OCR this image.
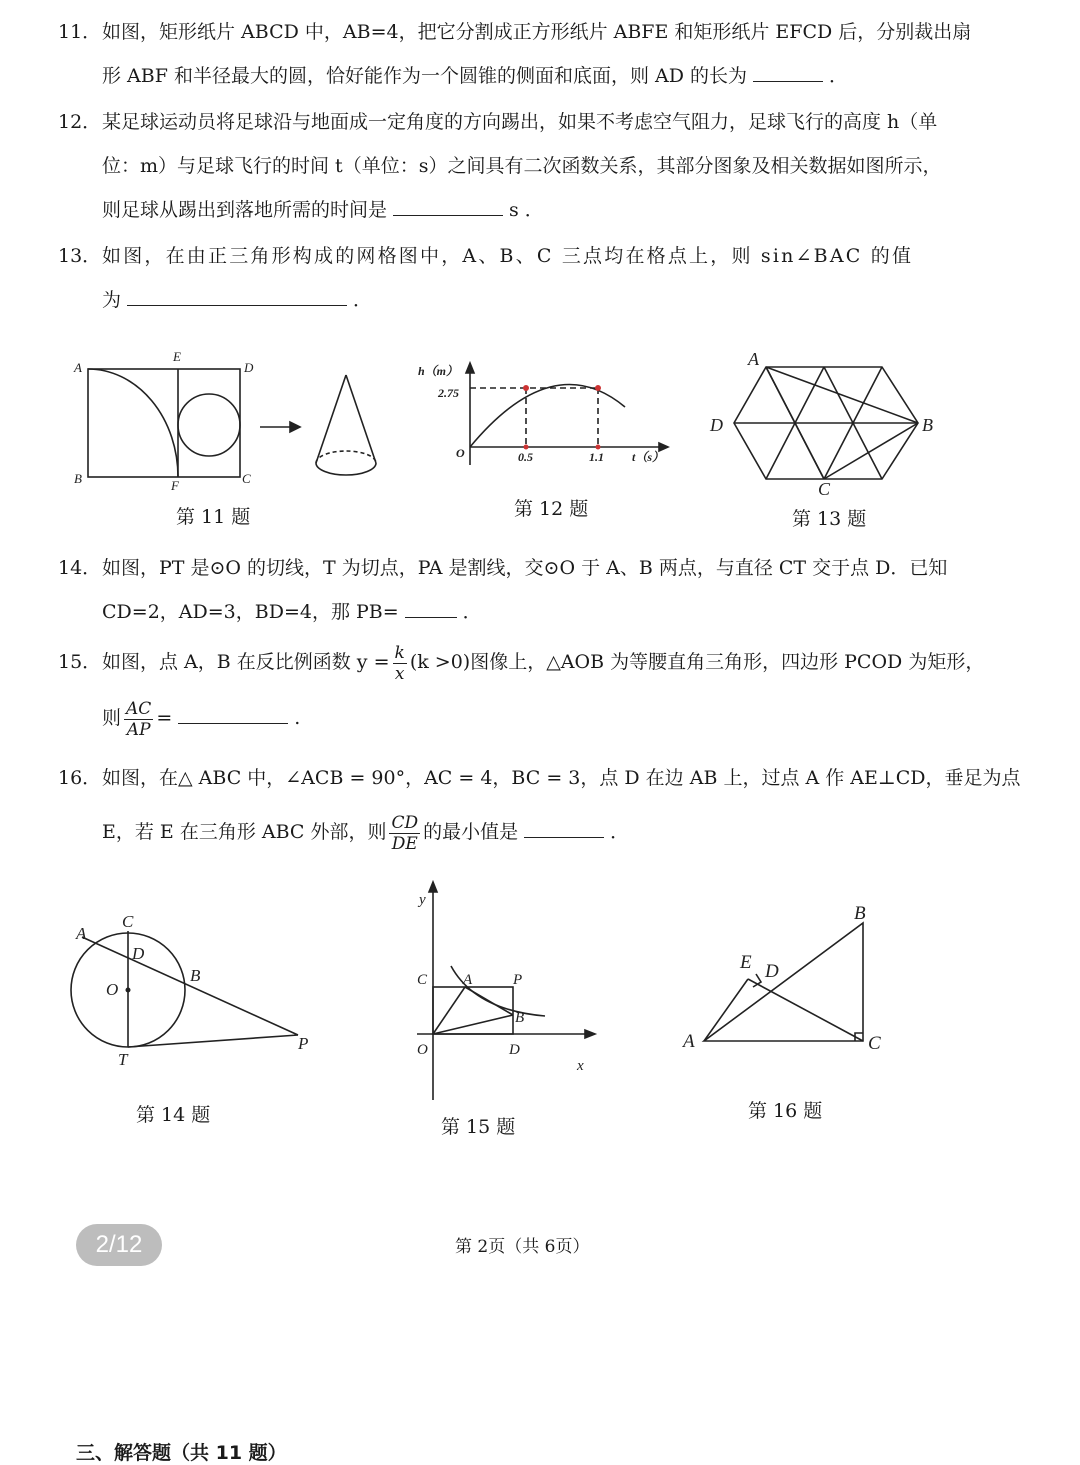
11．如图，矩形纸片 ABCD 中，AB=4，把它分割成正方形纸片 ABFE 和矩形纸片 EFCD 后，分别裁出扇
形 ABF 和半径最大的圆，恰好能作为一个圆锥的侧面和底面，则 AD 的长为	．
12．某足球运动员将足球沿与地面成一定角度的方向踢出，如果不考虑空气阻力，足球飞行的高度 h（单
位：m）与足球飞行的时间 t（单位：s）之间具有二次函数关系，其部分图象及相关数据如图所示，
则足球从踢出到落地所需的时间是	s ．
13．如图，在由正三角形构成的网格图中，A、B、C 三点均在格点上，则 sin∠BAC 的值
为	．
A
E
D
B	F	C
第 11 题
h（m）
t（s）
O
2.75
0.5	1.1
第 12 题
A
B
C
D
第 13 题
14．如图，PT 是⊙O 的切线，T 为切点，PA 是割线，交⊙O 于 A、B 两点，与直径 CT 交于点 D．已知
CD=2，AD=3，BD=4，那 PB=	．
15．如图，点 A，B 在反比例函数 $y = \frac{k}{x} (k >0)$图像上，△AOB 为等腰直角三角形，四边形 PCOD 为矩形，
则 $\frac{AC}{AP}$ =	.
16．如图，在△ ABC 中，∠ACB = 90°，AC = 4，BC = 3，点 D 在边 AB 上，过点 A 作 AE⊥CD，垂足为点
E，若 E 在三角形 ABC 外部，则 $\frac{CD}{DE}$ 的最小值是	．
A
C
D
O
B
T
P
第 14 题
y
C A	P
B
O	D
x
第 15 题
B
E D
A	C
第 16 题
2/12	第 2页（共 6页）
三、解答题（共 11 题）
